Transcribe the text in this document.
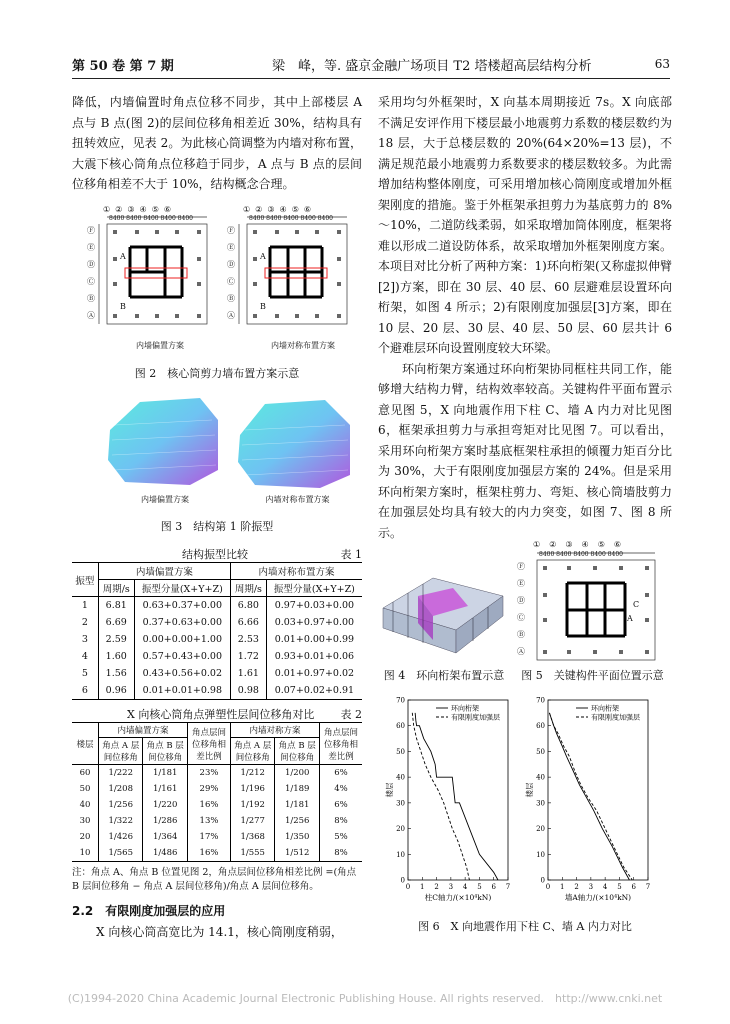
第 50 卷 第 7 期	梁　峰，等. 盛京金融广场项目 T2 塔楼超高层结构分析	63

降低，内墙偏置时角点位移不同步，其中上部楼层 A 点与 B 点(图 2)的层间位移角相差近 30%，结构具有扭转效应，见表 2。为此核心筒调整为内墙对称布置，大震下核心筒角点位移趋于同步，A 点与 B 点的层间位移角相差不大于 10%，结构概念合理。

①②③④⑤⑥	①②③④⑤⑥
8400 8400 8400 8400 8400	8400 8400 8400 8400 8400
Ⓕ
Ⓔ
Ⓓ
Ⓒ
Ⓑ
Ⓐ
Ⓕ
Ⓔ
Ⓓ
Ⓒ
Ⓑ
Ⓐ
A
B
A
B
内墙偏置方案	内墙对称布置方案
图 2　核心筒剪力墙布置方案示意
内墙偏置方案	内墙对称布置方案
图 3　结构第 1 阶振型
结构振型比较	表 1
振型	内墙偏置方案		内墙对称布置方案	
	周期/s	振型分量(X+Y+Z)	周期/s	振型分量(X+Y+Z)
1	6.81	0.63+0.37+0.00	6.80	0.97+0.03+0.00
2	6.69	0.37+0.63+0.00	6.66	0.03+0.97+0.00
3	2.59	0.00+0.00+1.00	2.53	0.01+0.00+0.99
4	1.60	0.57+0.43+0.00	1.72	0.93+0.01+0.06
5	1.56	0.43+0.56+0.02	1.61	0.01+0.97+0.02
6	0.96	0.01+0.01+0.98	0.98	0.07+0.02+0.91
X 向核心筒角点弹塑性层间位移角对比 表 2
楼层	内墙偏置方案		角点层间位移角相差比例	内墙对称方案		角点层间位移角相差比例
	角点 A 层间位移角	角点 B 层间位移角		角点 A 层间位移角	角点 B 层间位移角	
60	1/222	1/181	23%	1/212	1/200	6%
50	1/208	1/161	29%	1/196	1/189	4%
40	1/256	1/220	16%	1/192	1/181	6%
30	1/322	1/286	13%	1/277	1/256	8%
20	1/426	1/364	17%	1/368	1/350	5%
10	1/565	1/486	16%	1/555	1/512	8%
注：角点 A、角点 B 位置见图 2，角点层间位移角相差比例 =(角点 B 层间位移角 − 角点 A 层间位移角)/角点 A 层间位移角。
2.2　有限刚度加强层的应用
X 向核心筒高宽比为 14.1，核心筒刚度稍弱，

采用均匀外框架时，X 向基本周期接近 7s。X 向底部不满足安评作用下楼层最小地震剪力系数的楼层数约为 18 层，大于总楼层数的 20%(64×20%=13 层)，不满足规范最小地震剪力系数要求的楼层数较多。为此需增加结构整体刚度，可采用增加核心筒刚度或增加外框架刚度的措施。鉴于外框架承担剪力为基底剪力的 8%～10%，二道防线柔弱，如采取增加筒体刚度，框架将难以形成二道设防体系，故采取增加外框架刚度方案。本项目对比分析了两种方案：1)环向桁架(又称虚拟伸臂[2])方案，即在 30 层、40 层、60 层避难层设置环向桁架，如图 4 所示；2)有限刚度加强层[3]方案，即在 10 层、20 层、30 层、40 层、50 层、60 层共计 6 个避难层环向设置刚度较大环梁。

环向桁架方案通过环向桁架协同框柱共同工作，能够增大结构力臂，结构效率较高。关键构件平面布置示意见图 5，X 向地震作用下柱 C、墙 A 内力对比见图 6，框架承担剪力与承担弯矩对比见图 7。可以看出，采用环向桁架方案时基底框架柱承担的倾覆力矩百分比为 30%，大于有限刚度加强层方案的 24%。但是采用环向桁架方案时，框架柱剪力、弯矩、核心筒墙肢剪力在加强层处均具有较大的内力突变，如图 7、图 8 所示。

图 4　环向桁架布置示意
①②③④⑤⑥
8400 8400 8400 8400 8400
Ⓕ
Ⓔ
Ⓓ
Ⓒ
Ⓑ
Ⓐ
C
A
图 5　关键构件平面位置示意
0 1 2 3 4 5 6 7
0
10
20
30
40
50
60
70
柱C轴力/(×10⁴kN)
楼层
环向桁架
有限刚度加强层
0 1 2 3 4 5 6 7
0
10
20
30
40
50
60
70
墙A轴力/(×10⁴kN)
楼层
环向桁架
有限刚度加强层
图 6　X 向地震作用下柱 C、墙 A 内力对比
(C)1994-2020 China Academic Journal Electronic Publishing House. All rights reserved.　http://www.cnki.net
